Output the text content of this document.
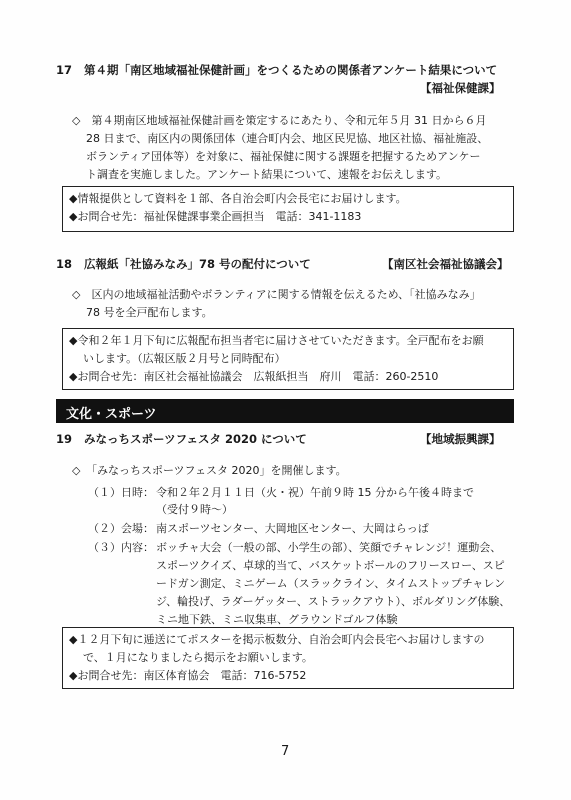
17 第４期「南区地域福祉保健計画」をつくるための関係者アンケート結果について
【福祉保健課】
◇　第４期南区地域福祉保健計画を策定するにあたり、令和元年５月 31 日から６月
28 日まで、南区内の関係団体（連合町内会、地区民児協、地区社協、福祉施設、
ボランティア団体等）を対象に、福祉保健に関する課題を把握するためアンケー
ト調査を実施しました。アンケート結果について、速報をお伝えします。
◆情報提供として資料を１部、各自治会町内会長宅にお届けします。
◆お問合せ先：福祉保健課事業企画担当　電話：341-1183
18 広報紙「社協みなみ」78 号の配付について	【南区社会福祉協議会】
◇　区内の地域福祉活動やボランティアに関する情報を伝えるため、「社協みなみ」
78 号を全戸配布します。
◆令和２年１月下旬に広報配布担当者宅に届けさせていただきます。全戸配布をお願
いします。（広報区版２月号と同時配布）
◆お問合せ先：南区社会福祉協議会　広報紙担当　府川　電話：260-2510
文化・スポーツ
19 みなっちスポーツフェスタ 2020 について	【地域振興課】
◇　「みなっちスポーツフェスタ 2020」を開催します。
（１）日時： 令和２年２月１１日（火・祝）午前９時 15 分から午後４時まで
（受付９時～）
（２）会場： 南スポーツセンター、大岡地区センター、大岡はらっぱ
（３）内容： ボッチャ大会（一般の部、小学生の部）、笑顔でチャレンジ！運動会、
スポーツクイズ、卓球的当て、バスケットボールのフリースロー、スピ
ードガン測定、ミニゲーム（スラックライン、タイムストップチャレン
ジ、輪投げ、ラダーゲッター、ストラックアウト）、ボルダリング体験、
ミニ地下鉄、ミニ収集車、グラウンドゴルフ体験
◆１２月下旬に逓送にてポスターを掲示板数分、自治会町内会長宅へお届けしますの
で、１月になりましたら掲示をお願いします。
◆お問合せ先：南区体育協会　電話：716-5752
7
